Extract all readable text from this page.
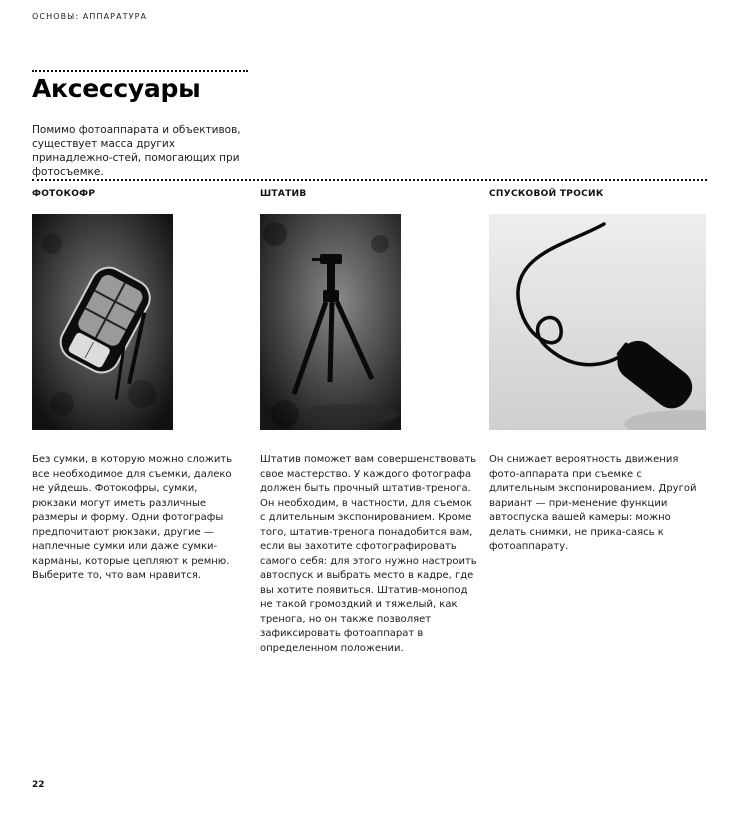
ОСНОВЫ: АППАРАТУРА
Аксессуары

Помимо фотоаппарата и объективов, существует масса других принадлежно-стей, помогающих при фотосъемке.

ФОТОКОФР

Без сумки, в которую можно сложить все необходимое для съемки, далеко не уйдешь. Фотокофры, сумки, рюкзаки могут иметь различные размеры и форму. Одни фотографы предпочитают рюкзаки, другие — наплечные сумки или даже сумки-карманы, которые цепляют к ремню. Выберите то, что вам нравится.

ШТАТИВ

Штатив поможет вам совершенствовать свое мастерство. У каждого фотографа должен быть прочный штатив-тренога. Он необходим, в частности, для съемок с длительным экспонированием. Кроме того, штатив-тренога понадобится вам, если вы захотите сфотографировать самого себя: для этого нужно настроить автоспуск и выбрать место в кадре, где вы хотите появиться. Штатив-монопод не такой громоздкий и тяжелый, как тренога, но он также позволяет зафиксировать фотоаппарат в определенном положении.

СПУСКОВОЙ ТРОСИК

Он снижает вероятность движения фото-аппарата при съемке с длительным экспонированием. Другой вариант — при-менение функции автоспуска вашей камеры: можно делать снимки, не прика-саясь к фотоаппарату.

22
